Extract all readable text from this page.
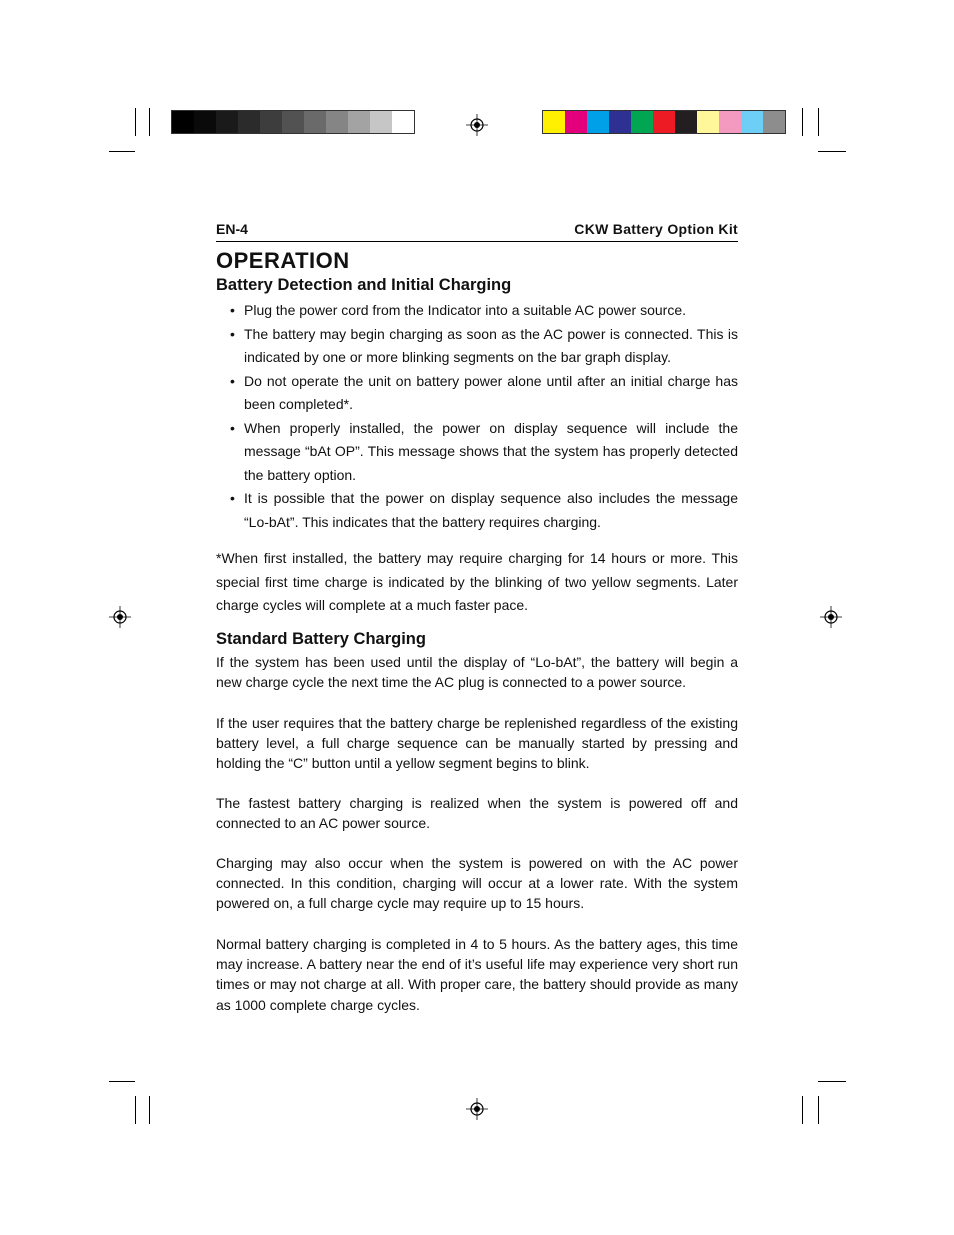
EN-4	CKW Battery Option Kit
OPERATION
Battery Detection and Initial Charging
• Plug the power cord from the Indicator into a suitable AC power source.
• The battery may begin charging as soon as the AC power is connected. This is indicated by one or more blinking segments on the bar graph display.
• Do not operate the unit on battery power alone until after an initial charge has been completed*.
• When properly installed, the power on display sequence will include the message “bAt OP”. This message shows that the system has properly detected the battery option.
• It is possible that the power on display sequence also includes the message “Lo-bAt”. This indicates that the battery requires charging.

*When first installed, the battery may require charging for 14 hours or more. This special first time charge is indicated by the blinking of two yellow segments. Later charge cycles will complete at a much faster pace.

Standard Battery Charging

If the system has been used until the display of “Lo-bAt”, the battery will begin a new charge cycle the next time the AC plug is connected to a power source.

If the user requires that the battery charge be replenished regardless of the existing battery level, a full charge sequence can be manually started by pressing and holding the “C” button until a yellow segment begins to blink.

The fastest battery charging is realized when the system is powered off and connected to an AC power source.

Charging may also occur when the system is powered on with the AC power connected. In this condition, charging will occur at a lower rate. With the system powered on, a full charge cycle may require up to 15 hours.

Normal battery charging is completed in 4 to 5 hours. As the battery ages, this time may increase. A battery near the end of it’s useful life may experience very short run times or may not charge at all. With proper care, the battery should provide as many as 1000 complete charge cycles.
